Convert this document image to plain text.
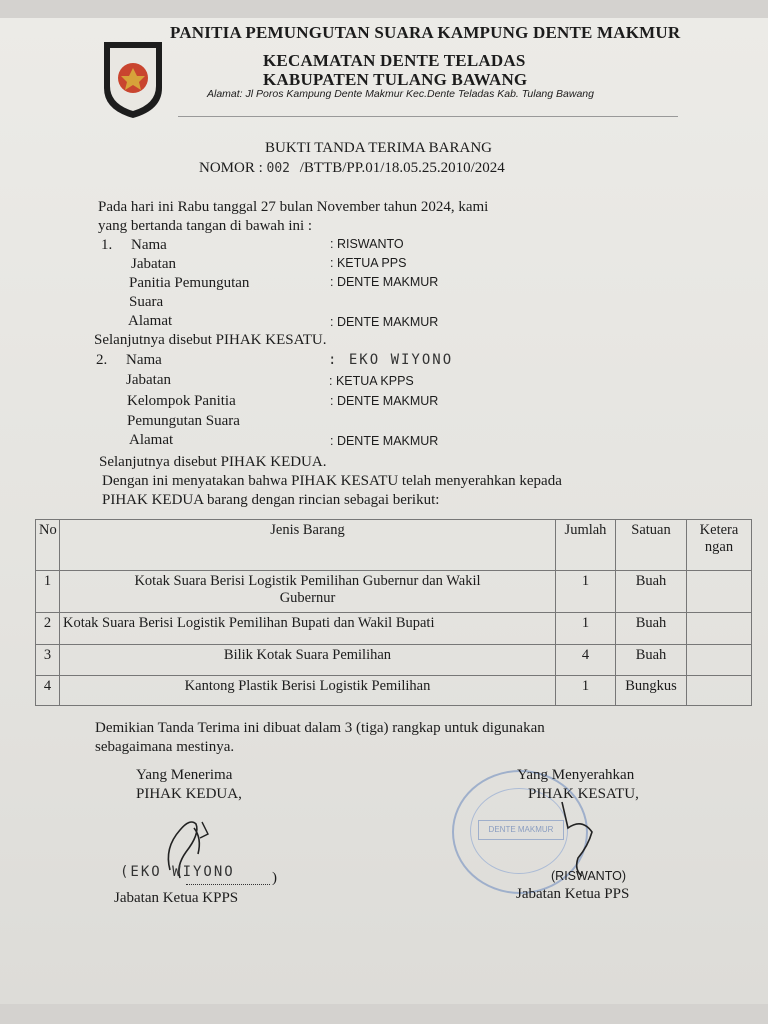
PANITIA PEMUNGUTAN SUARA KAMPUNG DENTE MAKMUR
KECAMATAN DENTE TELADAS
KABUPATEN TULANG BAWANG
Alamat: Jl Poros Kampung Dente Makmur Kec.Dente Teladas Kab. Tulang Bawang
BUKTI TANDA TERIMA BARANG
NOMOR : 002 /BTTB/PP.01/18.05.25.2010/2024
Pada hari ini Rabu tanggal 27 bulan November tahun 2024, kami
yang bertanda tangan di bawah ini :
1. Nama	: RISWANTO
Jabatan	: KETUA PPS
Panitia Pemungutan	: DENTE MAKMUR
Suara
Alamat	: DENTE MAKMUR
Selanjutnya disebut PIHAK KESATU.
2. Nama	: EKO WIYONO
Jabatan	: KETUA KPPS
Kelompok Panitia	: DENTE MAKMUR
Pemungutan Suara
Alamat	: DENTE MAKMUR
Selanjutnya disebut PIHAK KEDUA.
Dengan ini menyatakan bahwa PIHAK KESATU telah menyerahkan kepada
PIHAK KEDUA barang dengan rincian sebagai berikut:
No	Jenis Barang	Jumlah	Satuan	Ketera
ngan
1	Kotak Suara Berisi Logistik Pemilihan Gubernur dan Wakil
Gubernur	1	Buah	
2	Kotak Suara Berisi Logistik Pemilihan Bupati dan Wakil Bupati	1	Buah	
3	Bilik Kotak Suara Pemilihan	4	Buah	
4	Kantong Plastik Berisi Logistik Pemilihan	1	Bungkus	
Demikian Tanda Terima ini dibuat dalam 3 (tiga) rangkap untuk digunakan
sebagaimana mestinya.
Yang Menerima
PIHAK KEDUA,
(EKO WIYONO )
Jabatan Ketua KPPS
DENTE MAKMUR
Yang Menyerahkan
PIHAK KESATU,
(RISWANTO)
Jabatan Ketua PPS
